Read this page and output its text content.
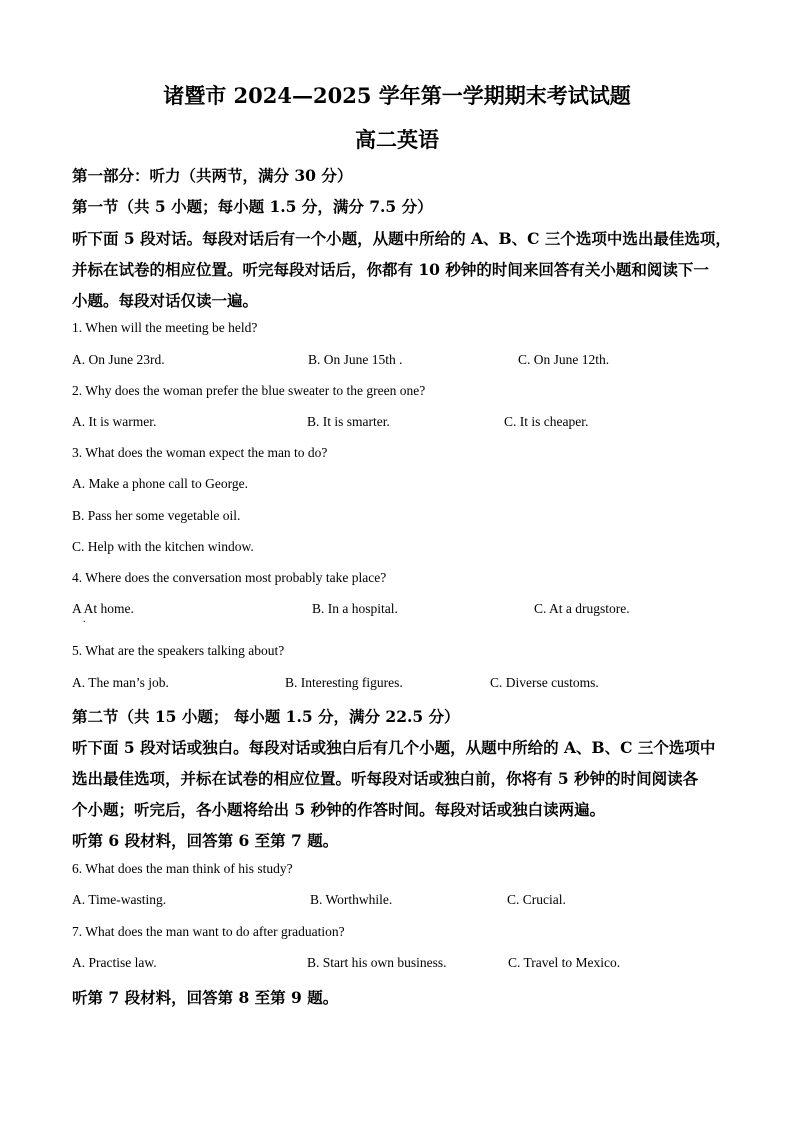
诸暨市 2024—2025 学年第一学期期末考试试题
高二英语
第一部分：听力（共两节，满分 30 分）
第一节（共 5 小题；每小题 1.5 分，满分 7.5 分）
听下面 5 段对话。每段对话后有一个小题，从题中所给的 A、B、C 三个选项中选出最佳选项，
并标在试卷的相应位置。听完每段对话后，你都有 10 秒钟的时间来回答有关小题和阅读下一
小题。每段对话仅读一遍。
1. When will the meeting be held?
A. On June 23rd.	B. On June 15th .	C. On June 12th.
2. Why does the woman prefer the blue sweater to the green one?
A. It is warmer.	B. It is smarter.	C. It is cheaper.
3. What does the woman expect the man to do?
A. Make a phone call to George.
B. Pass her some vegetable oil.
C. Help with the kitchen window.
4. Where does the conversation most probably take place?
A At home.
.
B. In a hospital.	C. At a drugstore.
5. What are the speakers talking about?
A. The man’s job.	B. Interesting figures.	C. Diverse customs.
第二节（共 15 小题； 每小题 1.5 分，满分 22.5 分）
听下面 5 段对话或独白。每段对话或独白后有几个小题，从题中所给的 A、B、C 三个选项中
选出最佳选项，并标在试卷的相应位置。听每段对话或独白前，你将有 5 秒钟的时间阅读各
个小题；听完后，各小题将给出 5 秒钟的作答时间。每段对话或独白读两遍。
听第 6 段材料，回答第 6 至第 7 题。
6. What does the man think of his study?
A. Time-wasting.	B. Worthwhile.	C. Crucial.
7. What does the man want to do after graduation?
A. Practise law.	B. Start his own business.	C. Travel to Mexico.
听第 7 段材料，回答第 8 至第 9 题。
